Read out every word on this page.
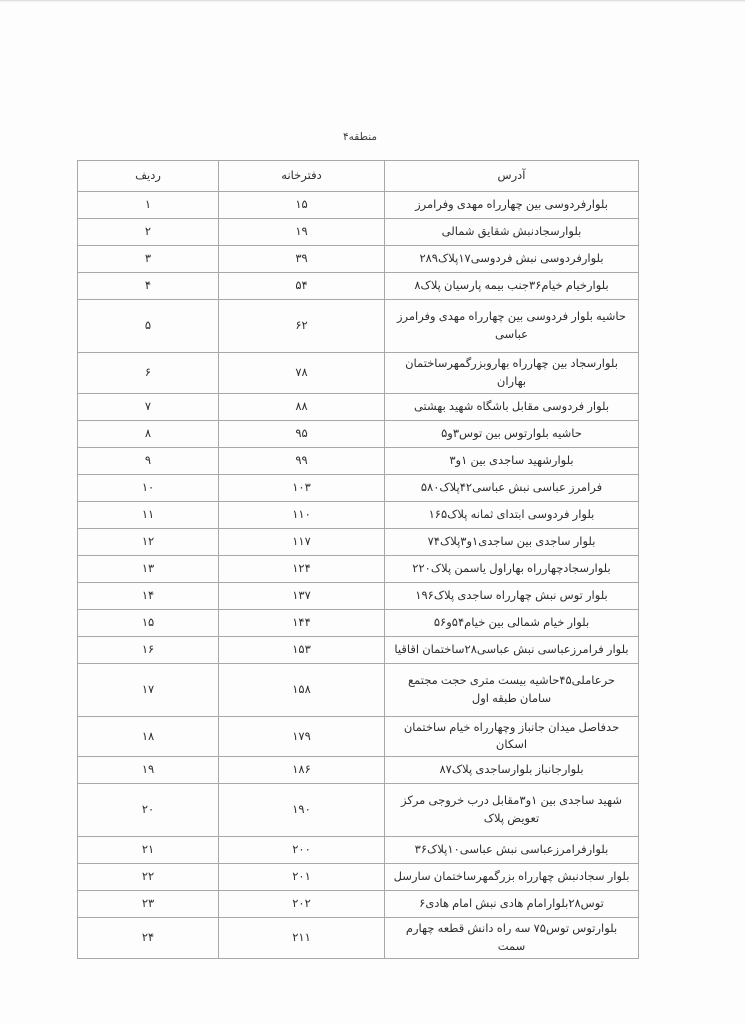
منطقه۴
آدرس	دفترخانه	ردیف
بلوارفردوسی بین چهارراه مهدی وفرامرز	۱۵	۱
بلوارسجادنبش شقایق شمالی	۱۹	۲
بلوارفردوسی نبش فردوسی۱۷پلاک۲۸۹	۳۹	۳
بلوارخیام خیام۳۶جنب بیمه پارسیان پلاک۸	۵۴	۴
حاشیه بلوار فردوسی بین چهارراه مهدی وفرامرز عباسی	۶۲	۵
بلوارسجاد بین چهارراه بهاروبزرگمهرساختمان بهاران	۷۸	۶
بلوار فردوسی مقابل باشگاه شهید بهشتی	۸۸	۷
حاشیه بلوارتوس بین توس۳و۵	۹۵	۸
بلوارشهید ساجدی بین ۱و۳	۹۹	۹
فرامرز عباسی نبش عباسی۴۲پلاک۵۸۰	۱۰۳	۱۰
بلوار فردوسی ابتدای ثمانه پلاک۱۶۵	۱۱۰	۱۱
بلوار ساجدی بین ساجدی۱و۳پلاک۷۴	۱۱۷	۱۲
بلوارسجادچهارراه بهاراول یاسمن پلاک۲۲۰	۱۲۴	۱۳
بلوار توس نبش چهارراه ساجدی پلاک۱۹۶	۱۳۷	۱۴
بلوار خیام شمالی بین خیام۵۴و۵۶	۱۴۴	۱۵
بلوار فرامرزعباسی نبش عباسی۲۸ساختمان اقاقیا	۱۵۳	۱۶
حرعاملی۴۵حاشیه بیست متری حجت مجتمع سامان طبقه اول	۱۵۸	۱۷
حدفاصل میدان جانباز وچهارراه خیام ساختمان اسکان	۱۷۹	۱۸
بلوارجانباز بلوارساجدی پلاک۸۷	۱۸۶	۱۹
شهید ساجدی بین ۱و۳مقابل درب خروجی مرکز تعویض پلاک	۱۹۰	۲۰
بلوارفرامرزعباسی نبش عباسی۱۰پلاک۳۶	۲۰۰	۲۱
بلوار سجادنبش چهارراه بزرگمهرساختمان سارسل	۲۰۱	۲۲
توس۲۸بلوارامام هادی نبش امام هادی۶	۲۰۲	۲۳
بلوارتوس توس۷۵ سه راه دانش قطعه چهارم سمت	۲۱۱	۲۴
